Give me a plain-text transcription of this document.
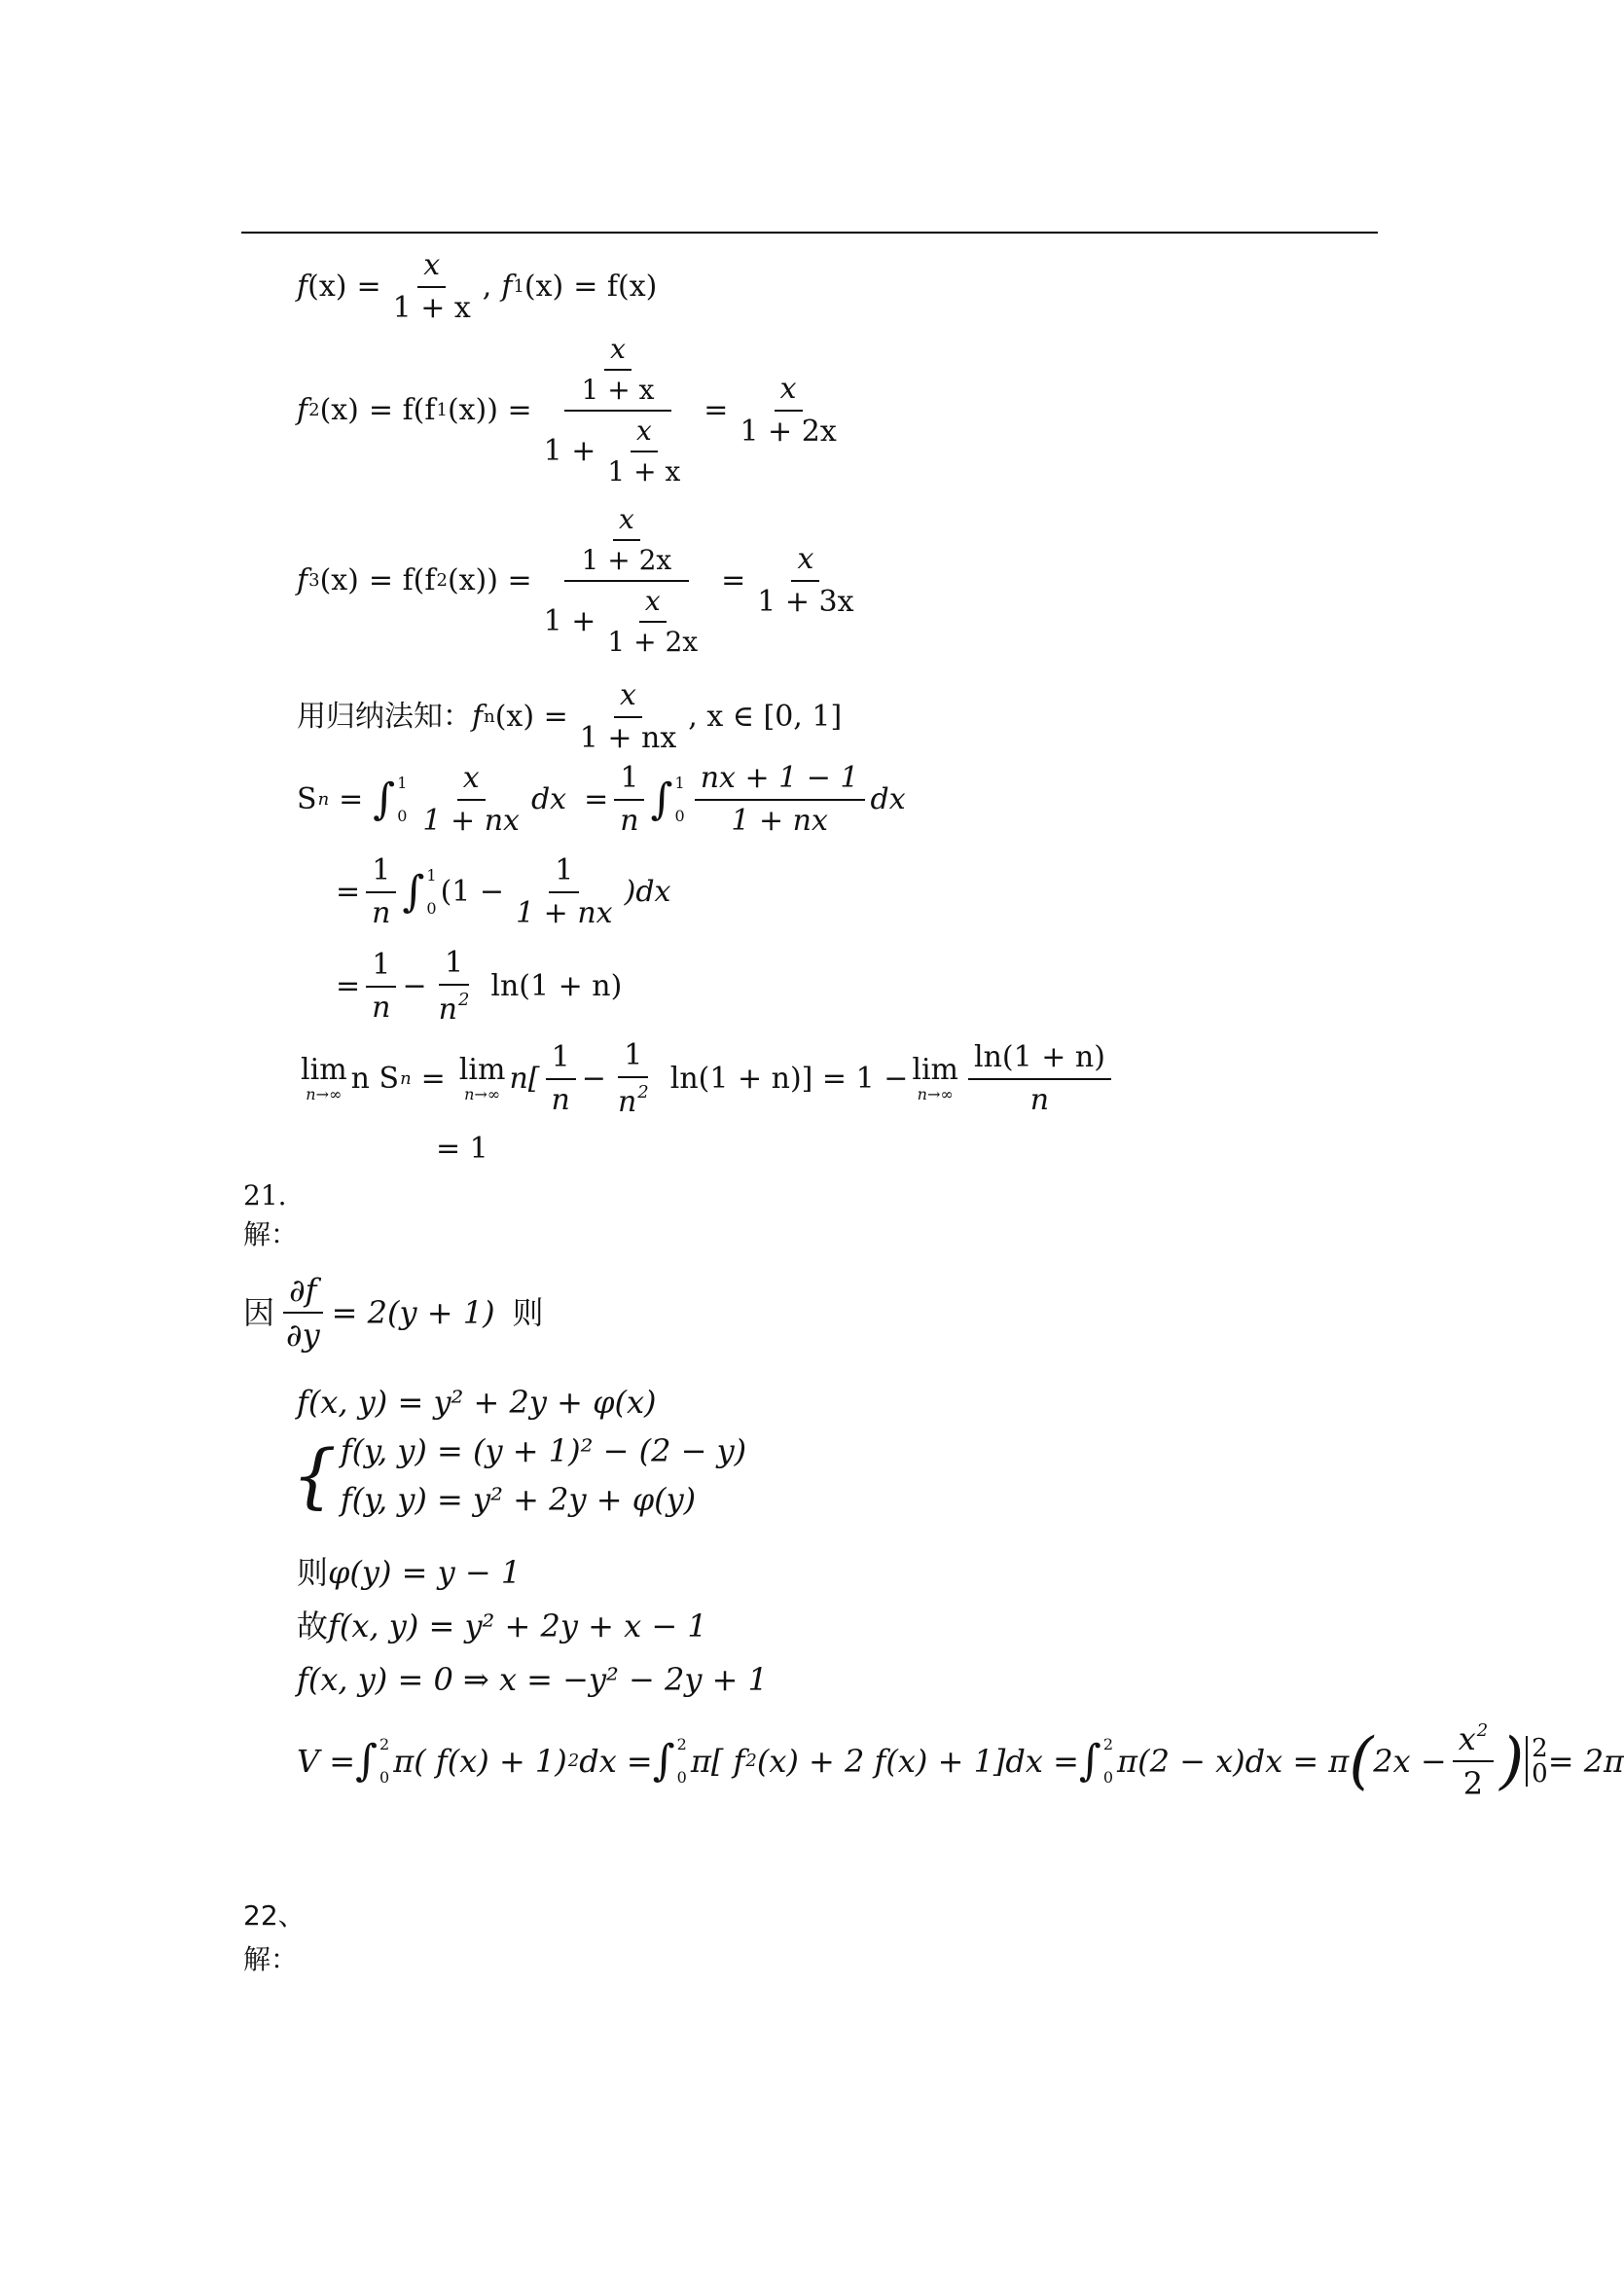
f $(x) = \frac{x}{1 + x}$ , f 1 (x) = f(x)
f 2 (x) = f(f 1 $(x)) = \frac{\frac{x}{1 + x}}{1 + \frac{x}{1 + x}} = \frac{x}{1 + 2x}$
f 3 (x) = f(f 2 $(x)) = \frac{\frac{x}{1 + 2x}}{1 + \frac{x}{1 + 2x}} = \frac{x}{1 + 3x}$
用归纳法知： f n $(x) = \frac{x}{1 + nx}$ , x ∈ [0, 1]
S n = ∫ 1
$0 \frac{x}{1 + nx}$ dx = $\frac{1}{n}$ ∫ 1
$0 \frac{nx + 1 - 1}{1 + nx}$ dx
= $\frac{1}{n}$ ∫ 1
0 $(1 - \frac{1}{1 + nx} )dx$
= $\frac{1}{n} - \frac{1}{n^2} \ln(1 + n)$
lim
n→∞ n S n = lim
n→∞ $n[ \frac{1}{n} - \frac{1}{n^2} \ln(1 + n)] = 1 - \lim$
$n\to\infty \frac{\ln(1 + n)}{n}$
= 1
21.
解：
因 $\frac{\partial f}{\partial y} = 2(y + 1)$ 则
f(x, y) = y² + 2y + φ(x)
{ f(y, y) = (y + 1)² − (2 − y)
f(y, y) = y² + 2y + φ(y)
则 φ(y) = y − 1
故 f(x, y) = y² + 2y + x − 1
f(x, y) = 0 ⇒ x = −y² − 2y + 1
V = ∫ 2
0 π( f(x) + 1) 2 dx = ∫ 2
0 π[ f 2 (x) + 2 f(x) + 1]dx = ∫ 2
0 π(2 − x)dx = π ( $2x - \frac{x^2}{2}$ ) 2
0 = 2π
22、
解：
